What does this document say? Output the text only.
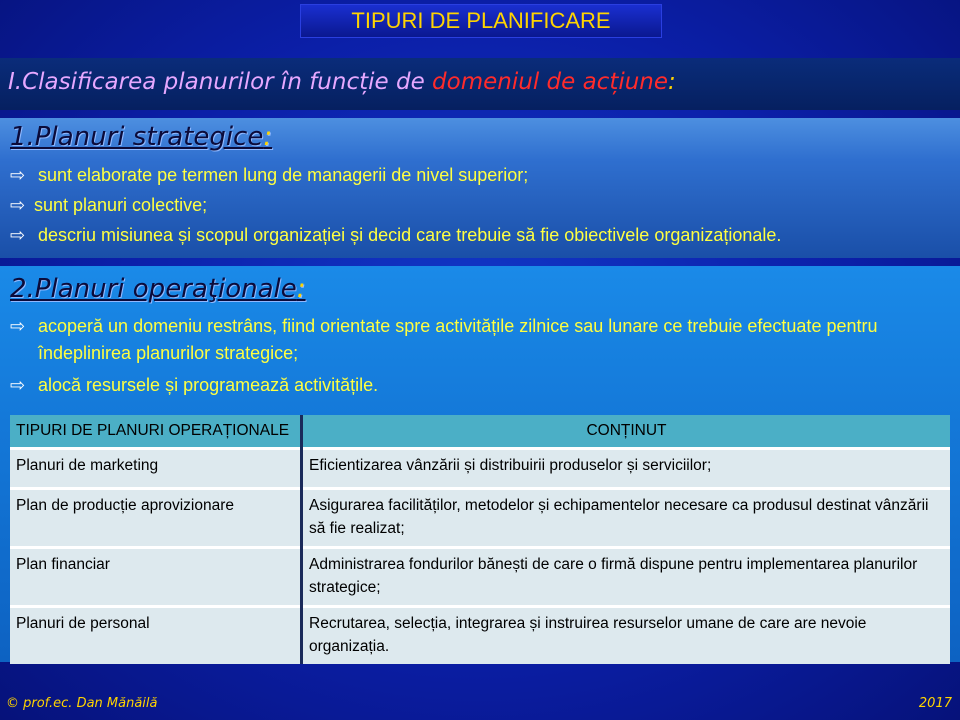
TIPURI DE PLANIFICARE
I.Clasificarea planurilor în funcție de domeniul de acțiune:
1.Planuri strategice:
⇨ sunt elaborate pe termen lung de managerii de nivel superior;
⇨ sunt planuri colective;
⇨ descriu misiunea și scopul organizației și decid care trebuie să fie obiectivele organizaționale.
2.Planuri operaţionale:
⇨ acoperă un domeniu restrâns, fiind orientate spre activitățile zilnice sau lunare ce trebuie efectuate pentru îndeplinirea planurilor strategice;
⇨ alocă resursele și programează activitățile.
TIPURI DE PLANURI OPERAȚIONALE	CONȚINUT
Planuri de marketing	Eficientizarea vânzării și distribuirii produselor și serviciilor;
Plan de producție aprovizionare	Asigurarea facilităților, metodelor și echipamentelor necesare ca produsul destinat vânzării să fie realizat;
Plan financiar	Administrarea fondurilor bănești de care o firmă dispune pentru implementarea planurilor strategice;
Planuri de personal	Recrutarea, selecția, integrarea și instruirea resurselor umane de care are nevoie organizația.
© prof.ec. Dan Mănăilă	2017
